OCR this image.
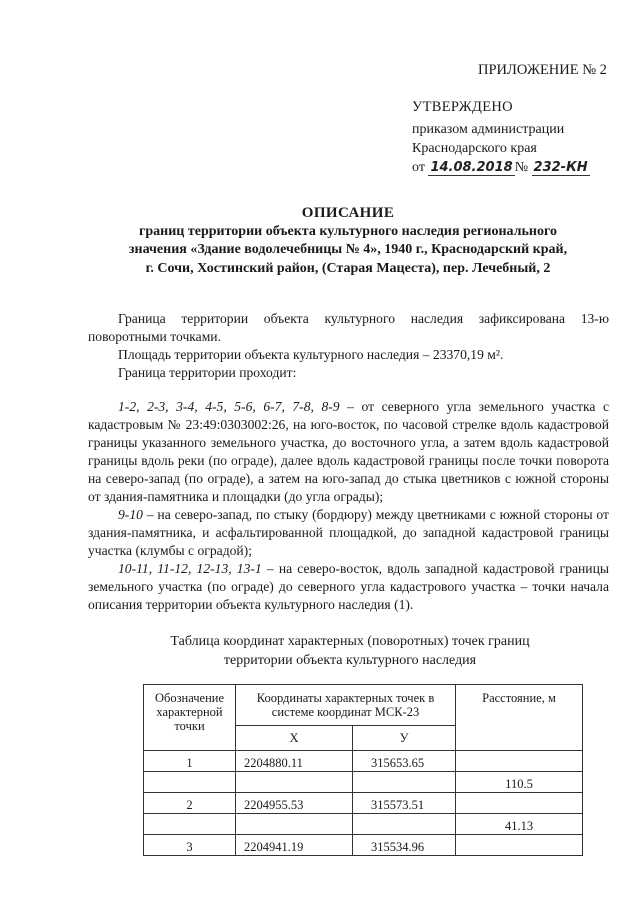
ПРИЛОЖЕНИЕ № 2
УТВЕРЖДЕНО
приказом администрации
Краснодарского края
от 14.08.2018 № 232-КН
ОПИСАНИЕ
границ территории объекта культурного наследия регионального
значения «Здание водолечебницы № 4», 1940 г., Краснодарский край,
г. Сочи, Хостинский район, (Старая Мацеста), пер. Лечебный, 2

Граница территории объекта культурного наследия зафиксирована 13-ю поворотными точками.

Площадь территории объекта культурного наследия – 23370,19 м².

Граница территории проходит:

1-2, 2-3, 3-4, 4-5, 5-6, 6-7, 7-8, 8-9 – от северного угла земельного участка с кадастровым № 23:49:0303002:26, на юго-восток, по часовой стрелке вдоль кадастровой границы указанного земельного участка, до восточного угла, а затем вдоль кадастровой границы вдоль реки (по ограде), далее вдоль кадастровой границы после точки поворота на северо-запад (по ограде), а затем на юго-запад до стыка цветников с южной стороны от здания-памятника и площадки (до угла ограды);

9-10 – на северо-запад, по стыку (бордюру) между цветниками с южной стороны от здания-памятника, и асфальтированной площадкой, до западной кадастровой границы участка (клумбы с оградой);

10-11, 11-12, 12-13, 13-1 – на северо-восток, вдоль западной кадастровой границы земельного участка (по ограде) до северного угла кадастрового участка – точки начала описания территории объекта культурного наследия (1).

Таблица координат характерных (поворотных) точек границ
территории объекта культурного наследия
Обозначение характерной точки	Координаты характерных точек в системе координат МСК-23		Расстояние, м

	X	У	
1	2204880.11	315653.65	
			110.5
2	2204955.53	315573.51	
			41.13
3	2204941.19	315534.96	
